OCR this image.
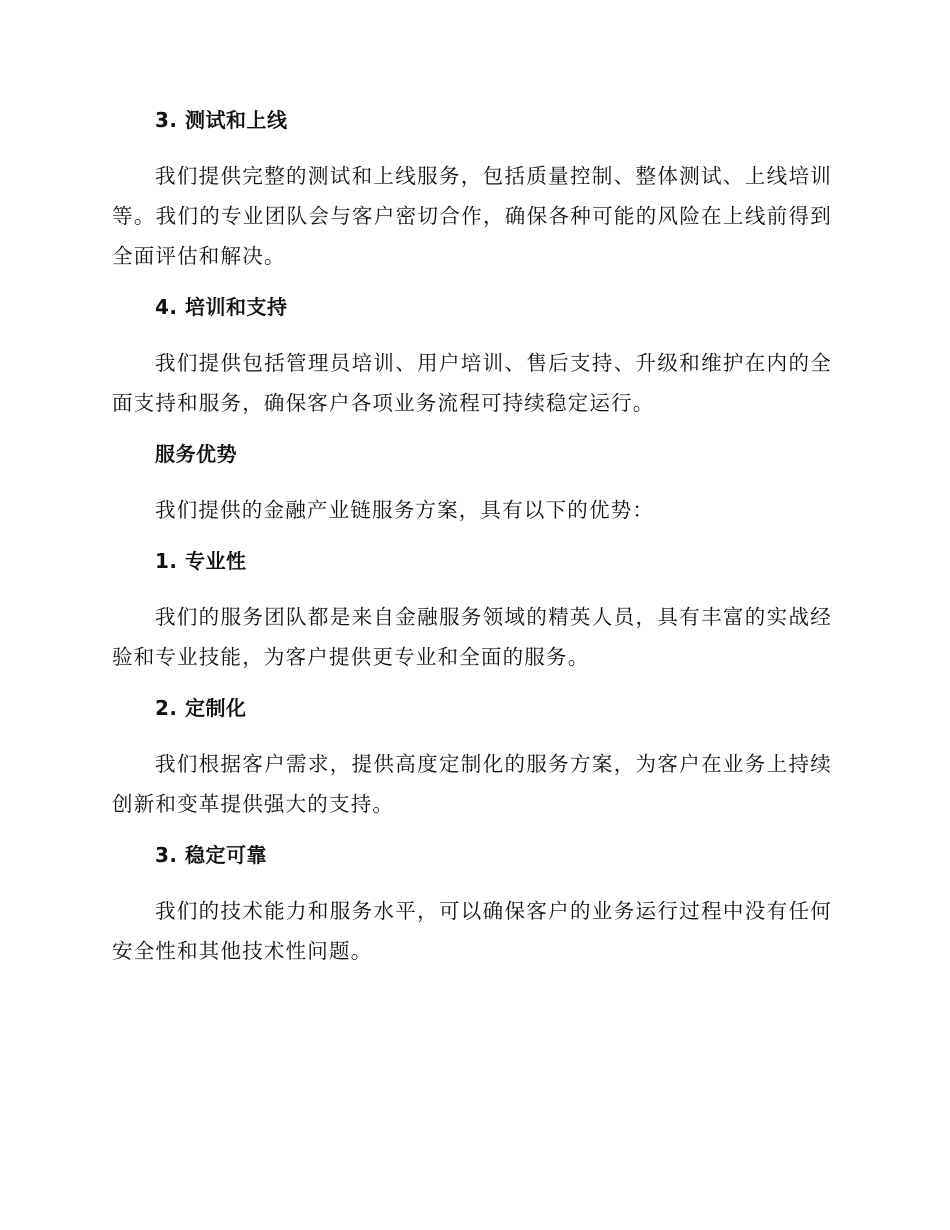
3. 测试和上线

我们提供完整的测试和上线服务，包括质量控制、整体测试、上线培训等。我们的专业团队会与客户密切合作，确保各种可能的风险在上线前得到全面评估和解决。

4. 培训和支持

我们提供包括管理员培训、用户培训、售后支持、升级和维护在内的全面支持和服务，确保客户各项业务流程可持续稳定运行。

服务优势

我们提供的金融产业链服务方案，具有以下的优势：

1. 专业性

我们的服务团队都是来自金融服务领域的精英人员，具有丰富的实战经验和专业技能，为客户提供更专业和全面的服务。

2. 定制化

我们根据客户需求，提供高度定制化的服务方案，为客户在业务上持续创新和变革提供强大的支持。

3. 稳定可靠

我们的技术能力和服务水平，可以确保客户的业务运行过程中没有任何安全性和其他技术性问题。
